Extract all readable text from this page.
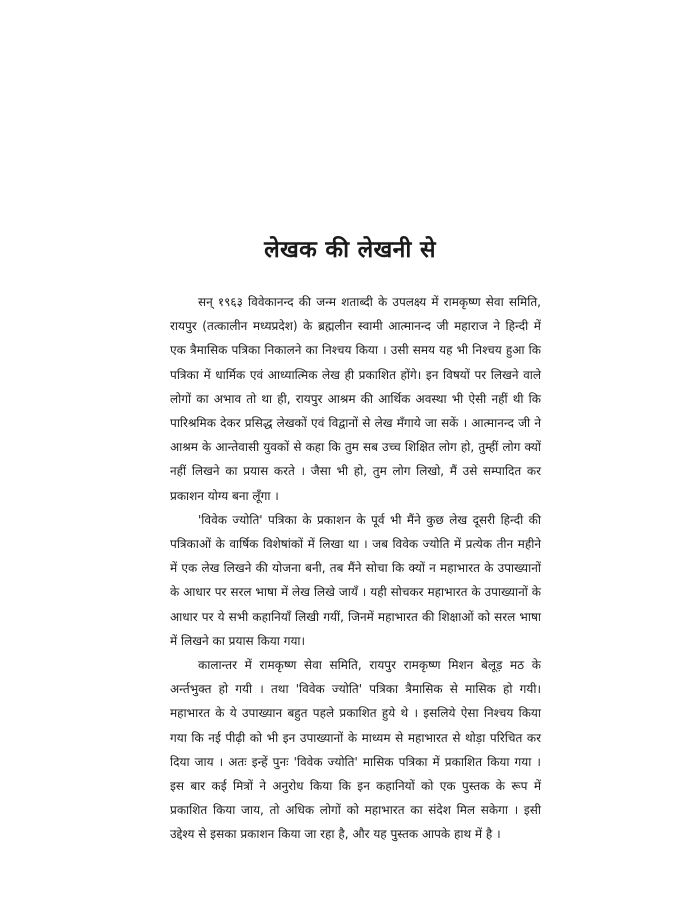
लेखक की लेखनी से

सन् १९६३ विवेकानन्द की जन्म शताब्दी के उपलक्ष्य में रामकृष्ण सेवा समिति, रायपुर (तत्कालीन मध्यप्रदेश) के ब्रह्मलीन स्वामी आत्मानन्द जी महाराज ने हिन्दी में एक त्रैमासिक पत्रिका निकालने का निश्चय किया । उसी समय यह भी निश्चय हुआ कि पत्रिका में धार्मिक एवं आध्यात्मिक लेख ही प्रकाशित होंगे। इन विषयों पर लिखने वाले लोगों का अभाव तो था ही, रायपुर आश्रम की आर्थिक अवस्था भी ऐसी नहीं थी कि पारिश्रमिक देकर प्रसिद्ध लेखकों एवं विद्वानों से लेख मँगाये जा सकें । आत्मानन्द जी ने आश्रम के आन्तेवासी युवकों से कहा कि तुम सब उच्च शिक्षित लोग हो, तुम्हीं लोग क्यों नहीं लिखने का प्रयास करते । जैसा भी हो, तुम लोग लिखो, मैं उसे सम्पादित कर प्रकाशन योग्य बना लूँगा ।

'विवेक ज्योति' पत्रिका के प्रकाशन के पूर्व भी मैंने कुछ लेख दूसरी हिन्दी की पत्रिकाओं के वार्षिक विशेषांकों में लिखा था । जब विवेक ज्योति में प्रत्येक तीन महीने में एक लेख लिखने की योजना बनी, तब मैंने सोचा कि क्यों न महाभारत के उपाख्यानों के आधार पर सरल भाषा में लेख लिखे जायँ । यही सोचकर महाभारत के उपाख्यानों के आधार पर ये सभी कहानियाँ लिखी गयीं, जिनमें महाभारत की शिक्षाओं को सरल भाषा में लिखने का प्रयास किया गया।

कालान्तर में रामकृष्ण सेवा समिति, रायपुर रामकृष्ण मिशन बेलूड़ मठ के अर्न्तभुक्त हो गयी । तथा 'विवेक ज्योति' पत्रिका त्रैमासिक से मासिक हो गयी। महाभारत के ये उपाख्यान बहुत पहले प्रकाशित हुये थे । इसलिये ऐसा निश्चय किया गया कि नई पीढ़ी को भी इन उपाख्यानों के माध्यम से महाभारत से थोड़ा परिचित कर दिया जाय । अतः इन्हें पुनः 'विवेक ज्योति' मासिक पत्रिका में प्रकाशित किया गया । इस बार कई मित्रों ने अनुरोध किया कि इन कहानियों को एक पुस्तक के रूप में प्रकाशित किया जाय, तो अधिक लोगों को महाभारत का संदेश मिल सकेगा । इसी उद्देश्य से इसका प्रकाशन किया जा रहा है, और यह पुस्तक आपके हाथ में है ।
